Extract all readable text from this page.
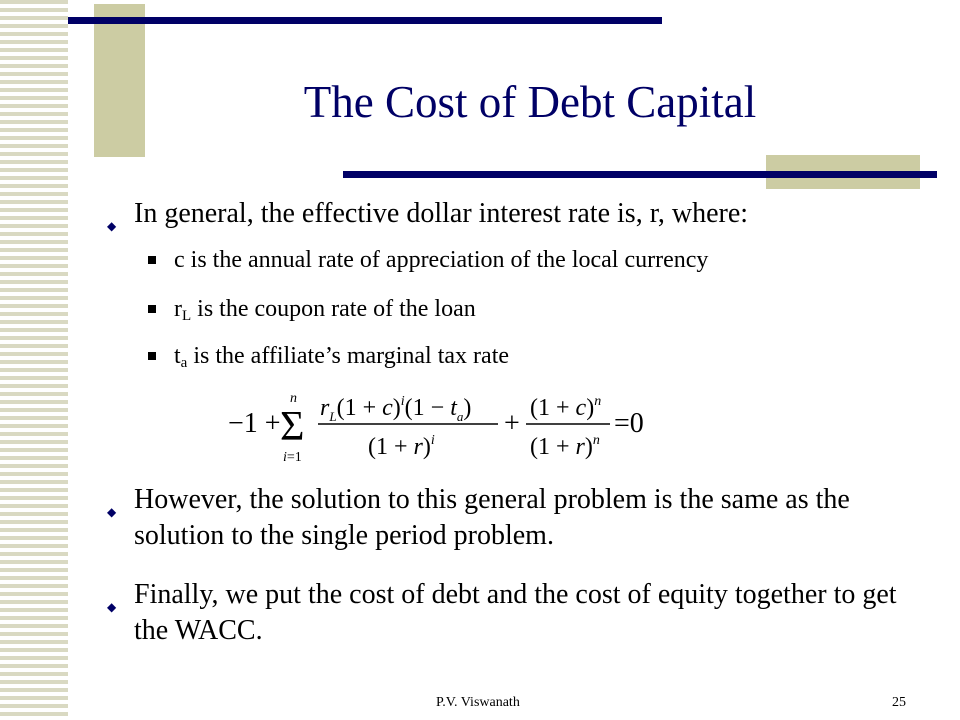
The Cost of Debt Capital
◆ In general, the effective dollar interest rate is, r, where:
c is the annual rate of appreciation of the local currency
$r_L$ is the coupon rate of the loan
$t_a$ is the affiliate’s marginal tax rate
−1 +
n
Σ
i=1
$r_L(1 + c)^i(1 - t_a)$
$(1 + r)^i$
+ $(1 + c)^n$
$(1 + r)^n$
=0
◆ However, the solution to this general problem is the same as the solution to the single period problem.
◆ Finally, we put the cost of debt and the cost of equity together to get the WACC.
P.V. Viswanath	25
